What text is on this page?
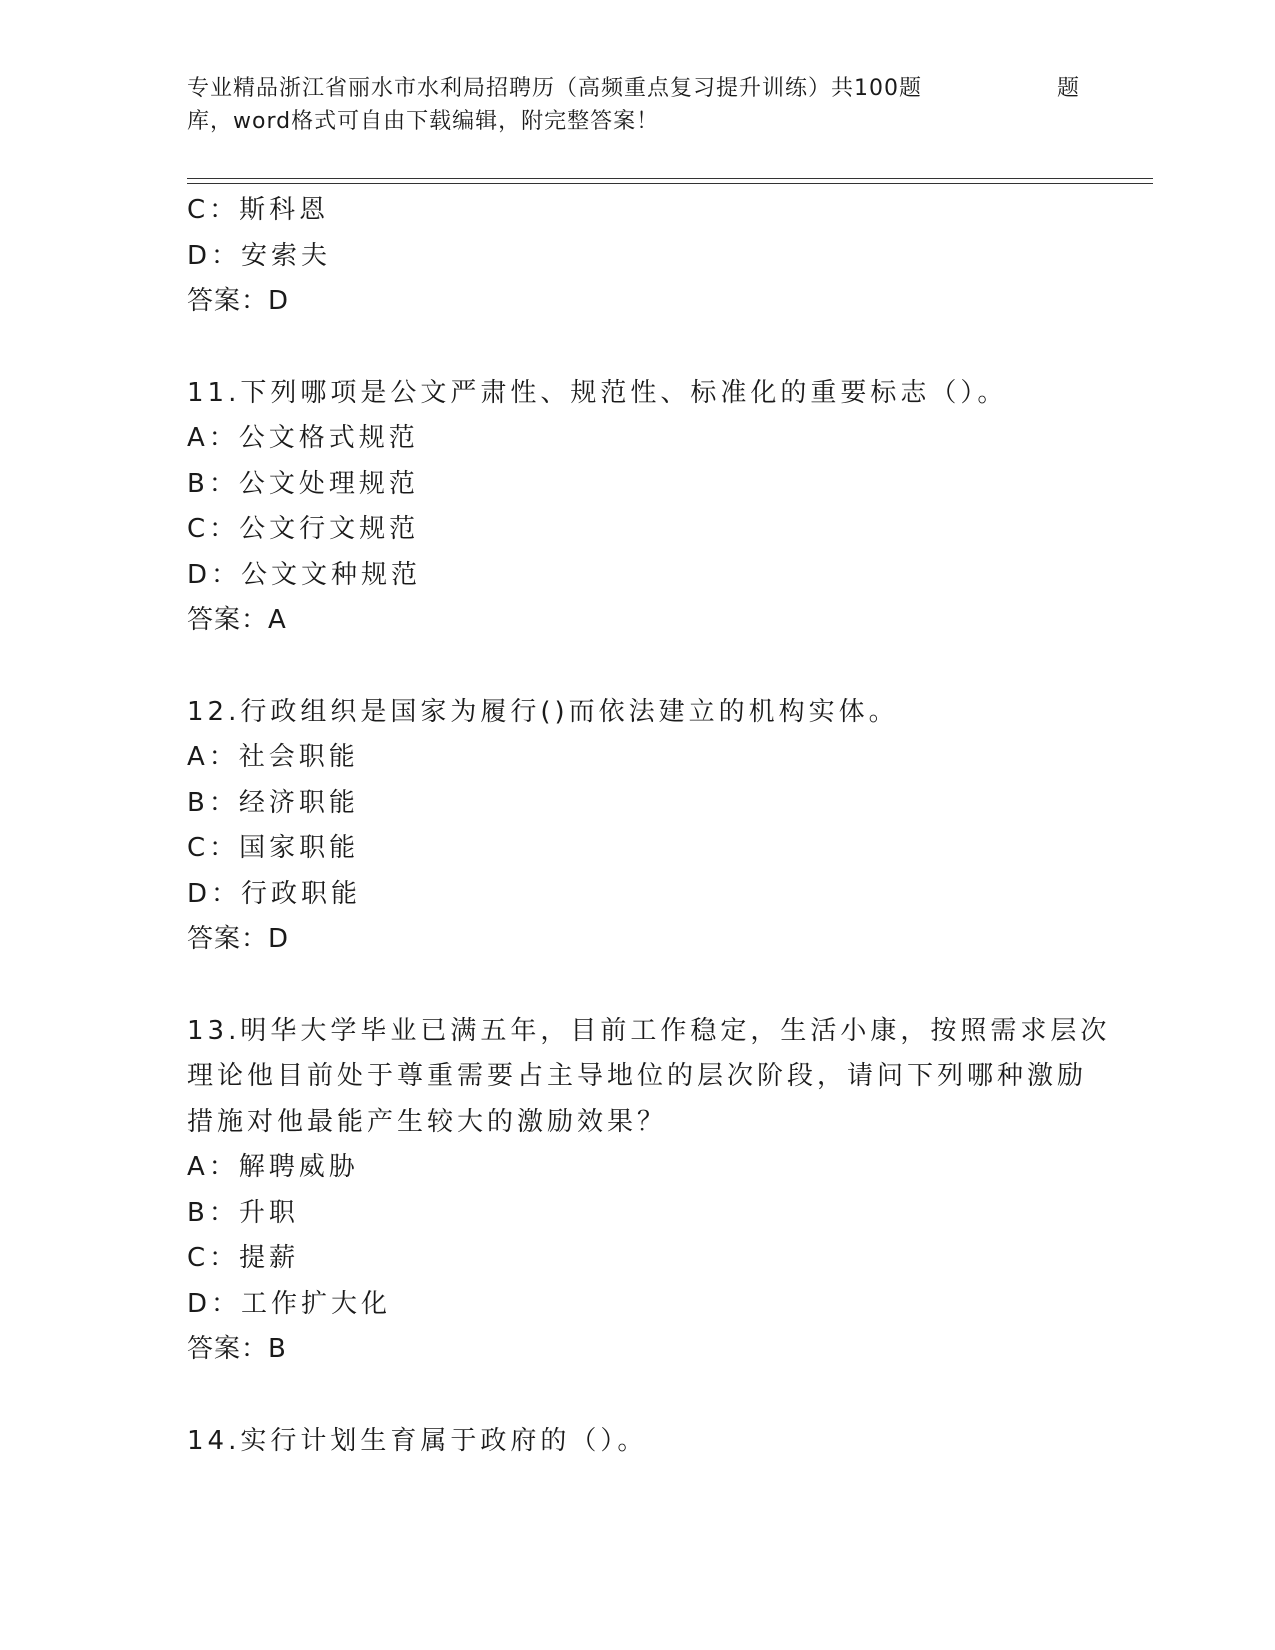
专业精品浙江省丽水市水利局招聘历（高频重点复习提升训练）共100题	题
库，word格式可自由下载编辑，附完整答案！
C：斯科恩
D：安索夫
答案：D
11.下列哪项是公文严肃性、规范性、标准化的重要标志（）。
A：公文格式规范
B：公文处理规范
C：公文行文规范
D：公文文种规范
答案：A
12.行政组织是国家为履行()而依法建立的机构实体。
A：社会职能
B：经济职能
C：国家职能
D：行政职能
答案：D
13.明华大学毕业已满五年，目前工作稳定，生活小康，按照需求层次
理论他目前处于尊重需要占主导地位的层次阶段，请问下列哪种激励
措施对他最能产生较大的激励效果？
A：解聘威胁
B：升职
C：提薪
D：工作扩大化
答案：B
14.实行计划生育属于政府的（）。
